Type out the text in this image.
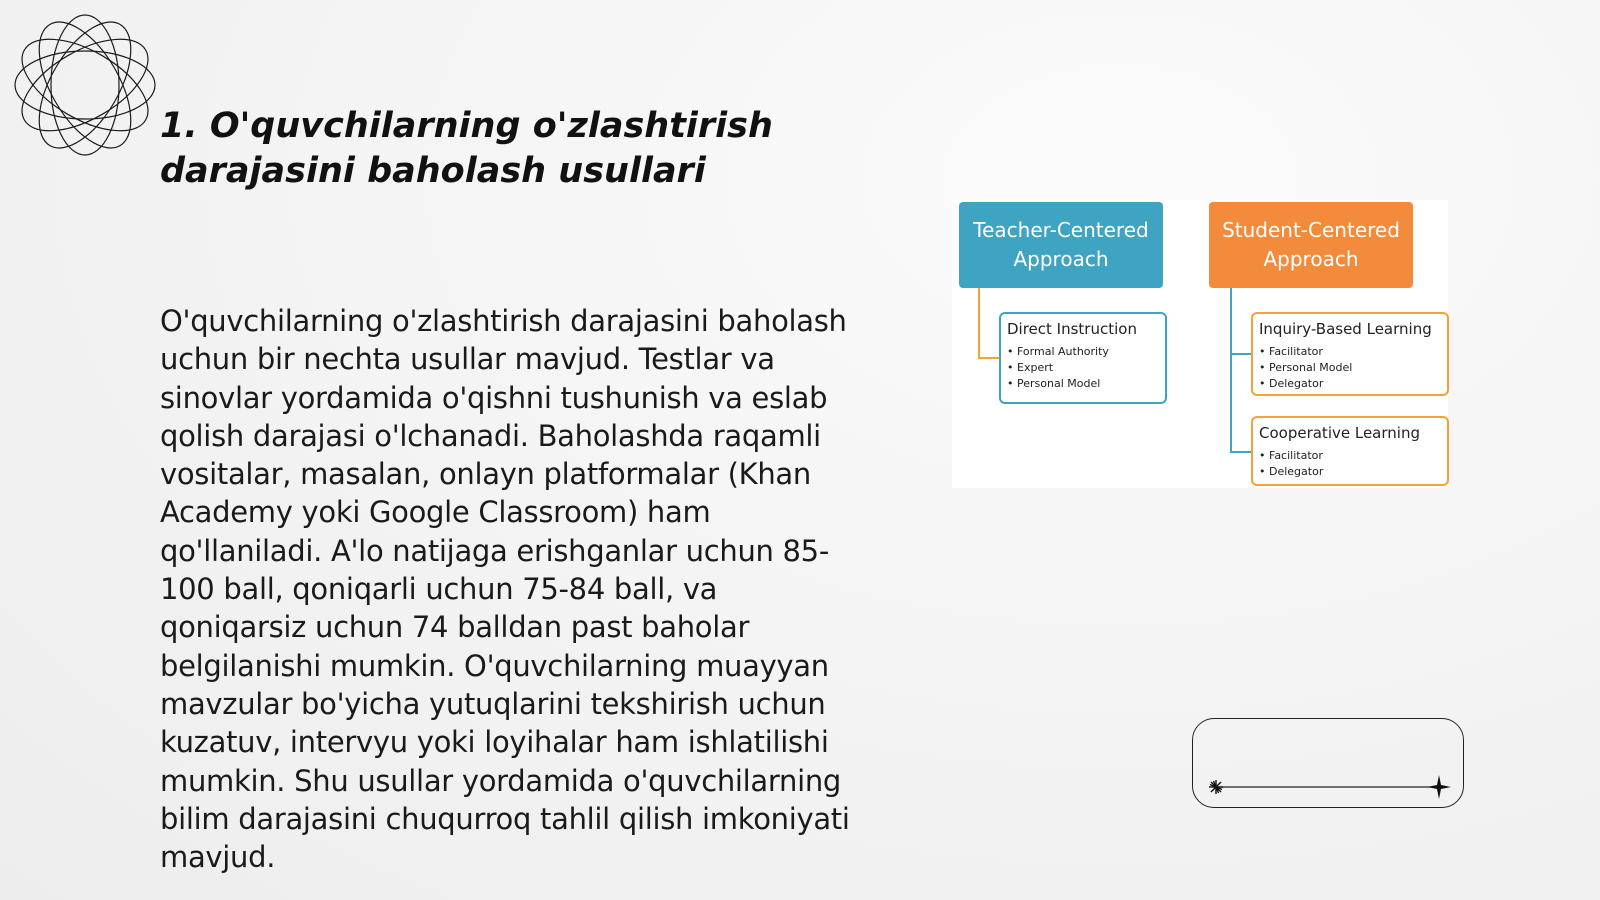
1. O'quvchilarning o'zlashtirish darajasini baholash usullari

O'quvchilarning o'zlashtirish darajasini baholash uchun bir nechta usullar mavjud. Testlar va sinovlar yordamida o'qishni tushunish va eslab qolish darajasi o'lchanadi. Baholashda raqamli vositalar, masalan, onlayn platformalar (Khan Academy yoki Google Classroom) ham qo'llaniladi. A'lo natijaga erishganlar uchun 85-100 ball, qoniqarli uchun 75-84 ball, va qoniqarsiz uchun 74 balldan past baholar belgilanishi mumkin. O'quvchilarning muayyan mavzular bo'yicha yutuqlarini tekshirish uchun kuzatuv, intervyu yoki loyihalar ham ishlatilishi mumkin. Shu usullar yordamida o'quvchilarning bilim darajasini chuqurroq tahlil qilish imkoniyati mavjud.

Teacher-Centered Approach
Student-Centered Approach
Direct Instruction
• Formal Authority
• Expert
• Personal Model
Inquiry-Based Learning
• Facilitator
• Personal Model
• Delegator
Cooperative Learning
• Facilitator
• Delegator
